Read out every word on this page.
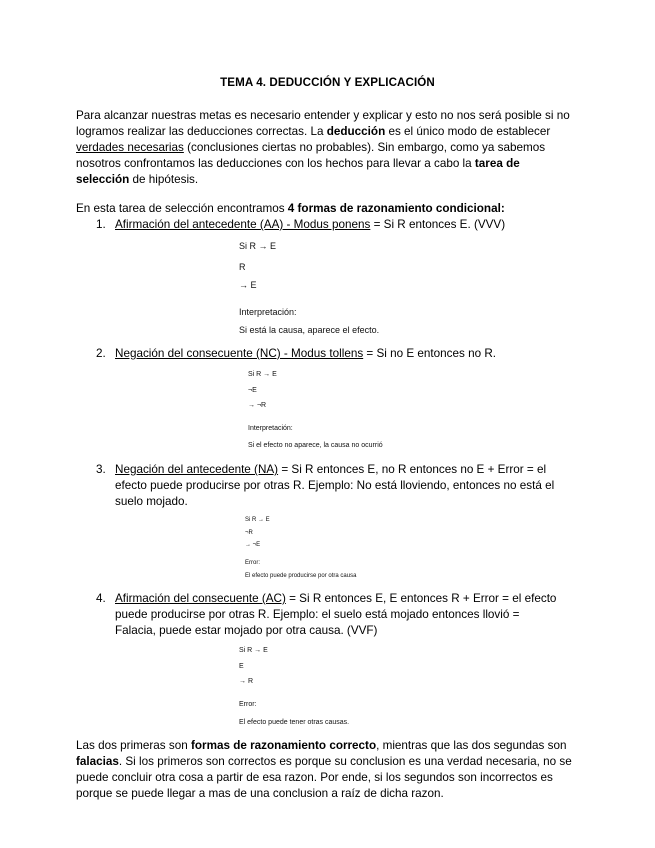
TEMA 4. DEDUCCIÓN Y EXPLICACIÓN

Para alcanzar nuestras metas es necesario entender y explicar y esto no nos será posible si no logramos realizar las deducciones correctas. La deducción es el único modo de establecer verdades necesarias (conclusiones ciertas no probables). Sin embargo, como ya sabemos nosotros confrontamos las deducciones con los hechos para llevar a cabo la tarea de selección de hipótesis.

En esta tarea de selección encontramos 4 formas de razonamiento condicional:

1. Afirmación del antecedente (AA) - Modus ponens = Si R entonces E. (VVV)
Si R → E
R
→ E
Interpretación:
Si está la causa, aparece el efecto.
2. Negación del consecuente (NC) - Modus tollens = Si no E entonces no R.
Si R → E
¬E
→ ¬R
Interpretación:
Si el efecto no aparece, la causa no ocurrió
3. Negación del antecedente (NA) = Si R entonces E, no R entonces no E + Error = el efecto puede producirse por otras R. Ejemplo: No está lloviendo, entonces no está el suelo mojado.
Si R → E
¬R
→ ¬E
Error:
El efecto puede producirse por otra causa
4. Afirmación del consecuente (AC) = Si R entonces E, E entonces R + Error = el efecto puede producirse por otras R. Ejemplo: el suelo está mojado entonces llovió = Falacia, puede estar mojado por otra causa. (VVF)
Si R → E
E
→ R
Error:
El efecto puede tener otras causas.

Las dos primeras son formas de razonamiento correcto, mientras que las dos segundas son falacias. Si los primeros son correctos es porque su conclusion es una verdad necesaria, no se puede concluir otra cosa a partir de esa razon. Por ende, si los segundos son incorrectos es porque se puede llegar a mas de una conclusion a raíz de dicha razon.
